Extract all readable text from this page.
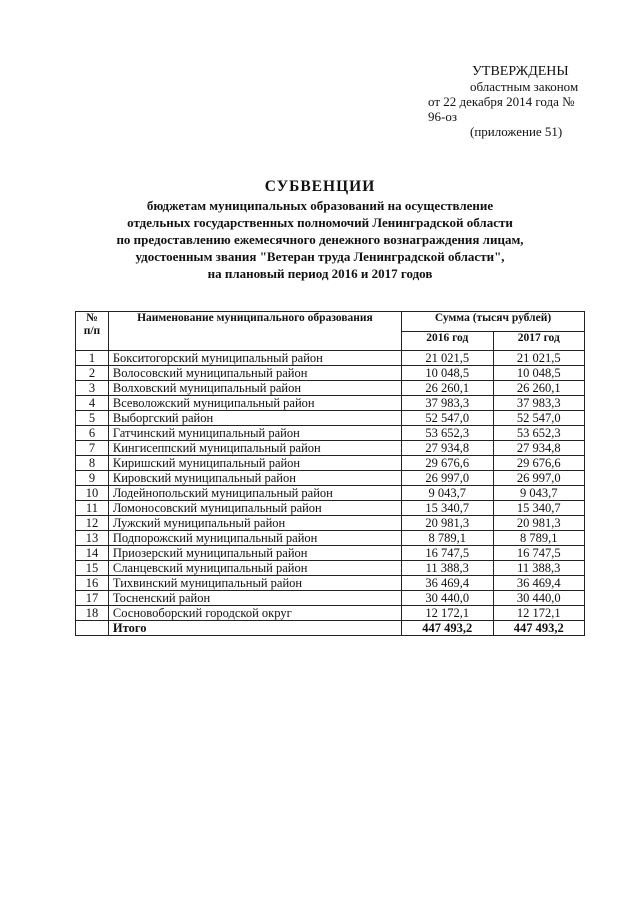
УТВЕРЖДЕНЫ
областным законом
от 22 декабря 2014 года № 96-оз
(приложение 51)
СУБВЕНЦИИ
бюджетам муниципальных образований на осуществление
отдельных государственных полномочий Ленинградской области
по предоставлению ежемесячного денежного вознаграждения лицам,
удостоенным звания "Ветеран труда Ленинградской области",
на плановый период 2016 и 2017 годов
№ п/п	Наименование муниципального образования	Сумма (тысяч рублей)	
		2016 год	2017 год
1	Бокситогорский муниципальный район	21 021,5	21 021,5
2	Волосовский муниципальный район	10 048,5	10 048,5
3	Волховский муниципальный район	26 260,1	26 260,1
4	Всеволожский муниципальный район	37 983,3	37 983,3
5	Выборгский район	52 547,0	52 547,0
6	Гатчинский муниципальный район	53 652,3	53 652,3
7	Кингисеппский муниципальный район	27 934,8	27 934,8
8	Киришский муниципальный район	29 676,6	29 676,6
9	Кировский муниципальный район	26 997,0	26 997,0
10	Лодейнопольский муниципальный район	9 043,7	9 043,7
11	Ломоносовский муниципальный район	15 340,7	15 340,7
12	Лужский муниципальный район	20 981,3	20 981,3
13	Подпорожский муниципальный район	8 789,1	8 789,1
14	Приозерский муниципальный район	16 747,5	16 747,5
15	Сланцевский муниципальный район	11 388,3	11 388,3
16	Тихвинский муниципальный район	36 469,4	36 469,4
17	Тосненский район	30 440,0	30 440,0
18	Сосновоборский городской округ	12 172,1	12 172,1
	Итого	447 493,2	447 493,2
